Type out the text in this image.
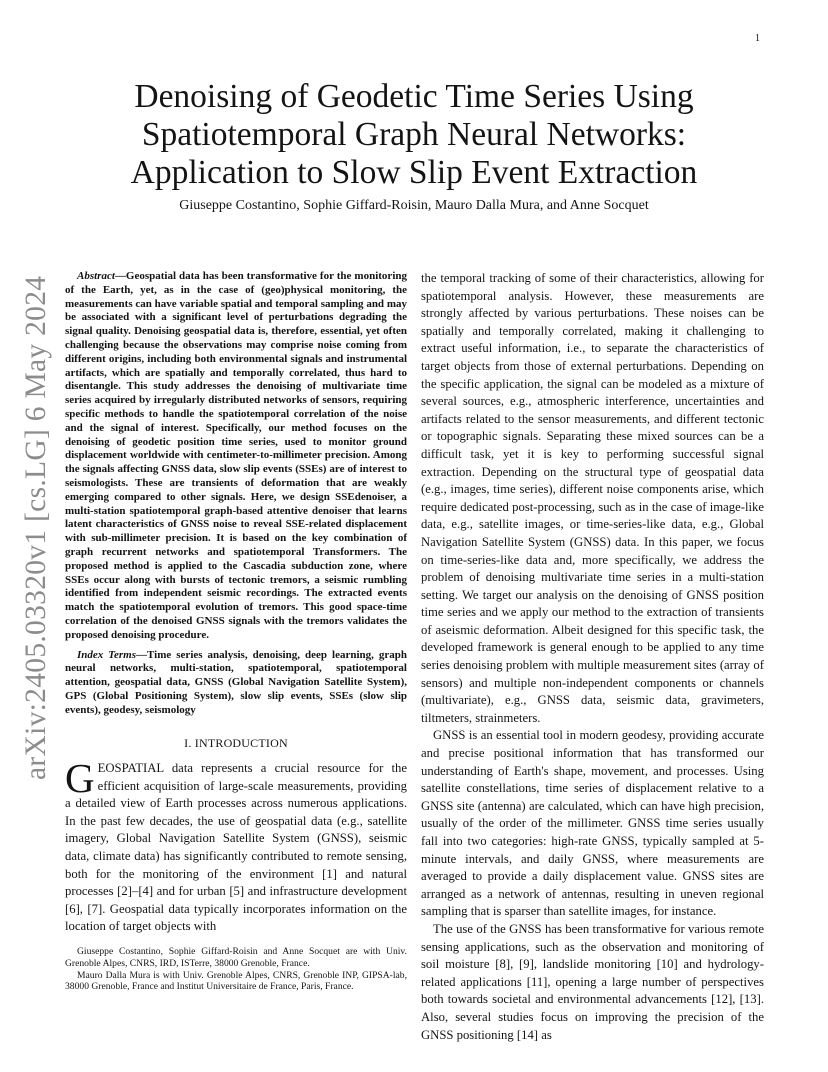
1
arXiv:2405.03320v1 [cs.LG] 6 May 2024
Denoising of Geodetic Time Series Using
Spatiotemporal Graph Neural Networks:
Application to Slow Slip Event Extraction
Giuseppe Costantino, Sophie Giffard-Roisin, Mauro Dalla Mura, and Anne Socquet

Abstract—Geospatial data has been transformative for the monitoring of the Earth, yet, as in the case of (geo)physical monitoring, the measurements can have variable spatial and temporal sampling and may be associated with a significant level of perturbations degrading the signal quality. Denoising geospatial data is, therefore, essential, yet often challenging because the observations may comprise noise coming from different origins, including both environmental signals and instrumental artifacts, which are spatially and temporally correlated, thus hard to disentangle. This study addresses the denoising of multivariate time series acquired by irregularly distributed networks of sensors, requiring specific methods to handle the spatiotemporal correlation of the noise and the signal of interest. Specifically, our method focuses on the denoising of geodetic position time series, used to monitor ground displacement worldwide with centimeter-to-millimeter precision. Among the signals affecting GNSS data, slow slip events (SSEs) are of interest to seismologists. These are transients of deformation that are weakly emerging compared to other signals. Here, we design SSEdenoiser, a multi-station spatiotemporal graph-based attentive denoiser that learns latent characteristics of GNSS noise to reveal SSE-related displacement with sub-millimeter precision. It is based on the key combination of graph recurrent networks and spatiotemporal Transformers. The proposed method is applied to the Cascadia subduction zone, where SSEs occur along with bursts of tectonic tremors, a seismic rumbling identified from independent seismic recordings. The extracted events match the spatiotemporal evolution of tremors. This good space-time correlation of the denoised GNSS signals with the tremors validates the proposed denoising procedure.

Index Terms—Time series analysis, denoising, deep learning, graph neural networks, multi-station, spatiotemporal, spatiotemporal attention, geospatial data, GNSS (Global Navigation Satellite System), GPS (Global Positioning System), slow slip events, SSEs (slow slip events), geodesy, seismology

I. INTRODUCTION

GEOSPATIAL data represents a crucial resource for the efficient acquisition of large-scale measurements, providing a detailed view of Earth processes across numerous applications. In the past few decades, the use of geospatial data (e.g., satellite imagery, Global Navigation Satellite System (GNSS), seismic data, climate data) has significantly contributed to remote sensing, both for the monitoring of the environment [1] and natural processes [2]–[4] and for urban [5] and infrastructure development [6], [7]. Geospatial data typically incorporates information on the location of target objects with

Giuseppe Costantino, Sophie Giffard-Roisin and Anne Socquet are with Univ. Grenoble Alpes, CNRS, IRD, ISTerre, 38000 Grenoble, France.

Mauro Dalla Mura is with Univ. Grenoble Alpes, CNRS, Grenoble INP, GIPSA-lab, 38000 Grenoble, France and Institut Universitaire de France, Paris, France.

the temporal tracking of some of their characteristics, allowing for spatiotemporal analysis. However, these measurements are strongly affected by various perturbations. These noises can be spatially and temporally correlated, making it challenging to extract useful information, i.e., to separate the characteristics of target objects from those of external perturbations. Depending on the specific application, the signal can be modeled as a mixture of several sources, e.g., atmospheric interference, uncertainties and artifacts related to the sensor measurements, and different tectonic or topographic signals. Separating these mixed sources can be a difficult task, yet it is key to performing successful signal extraction. Depending on the structural type of geospatial data (e.g., images, time series), different noise components arise, which require dedicated post-processing, such as in the case of image-like data, e.g., satellite images, or time-series-like data, e.g., Global Navigation Satellite System (GNSS) data. In this paper, we focus on time-series-like data and, more specifically, we address the problem of denoising multivariate time series in a multi-station setting. We target our analysis on the denoising of GNSS position time series and we apply our method to the extraction of transients of aseismic deformation. Albeit designed for this specific task, the developed framework is general enough to be applied to any time series denoising problem with multiple measurement sites (array of sensors) and multiple non-independent components or channels (multivariate), e.g., GNSS data, seismic data, gravimeters, tiltmeters, strainmeters.

GNSS is an essential tool in modern geodesy, providing accurate and precise positional information that has transformed our understanding of Earth's shape, movement, and processes. Using satellite constellations, time series of displacement relative to a GNSS site (antenna) are calculated, which can have high precision, usually of the order of the millimeter. GNSS time series usually fall into two categories: high-rate GNSS, typically sampled at 5-minute intervals, and daily GNSS, where measurements are averaged to provide a daily displacement value. GNSS sites are arranged as a network of antennas, resulting in uneven regional sampling that is sparser than satellite images, for instance.

The use of the GNSS has been transformative for various remote sensing applications, such as the observation and monitoring of soil moisture [8], [9], landslide monitoring [10] and hydrology-related applications [11], opening a large number of perspectives both towards societal and environmental advancements [12], [13]. Also, several studies focus on improving the precision of the GNSS positioning [14] as
